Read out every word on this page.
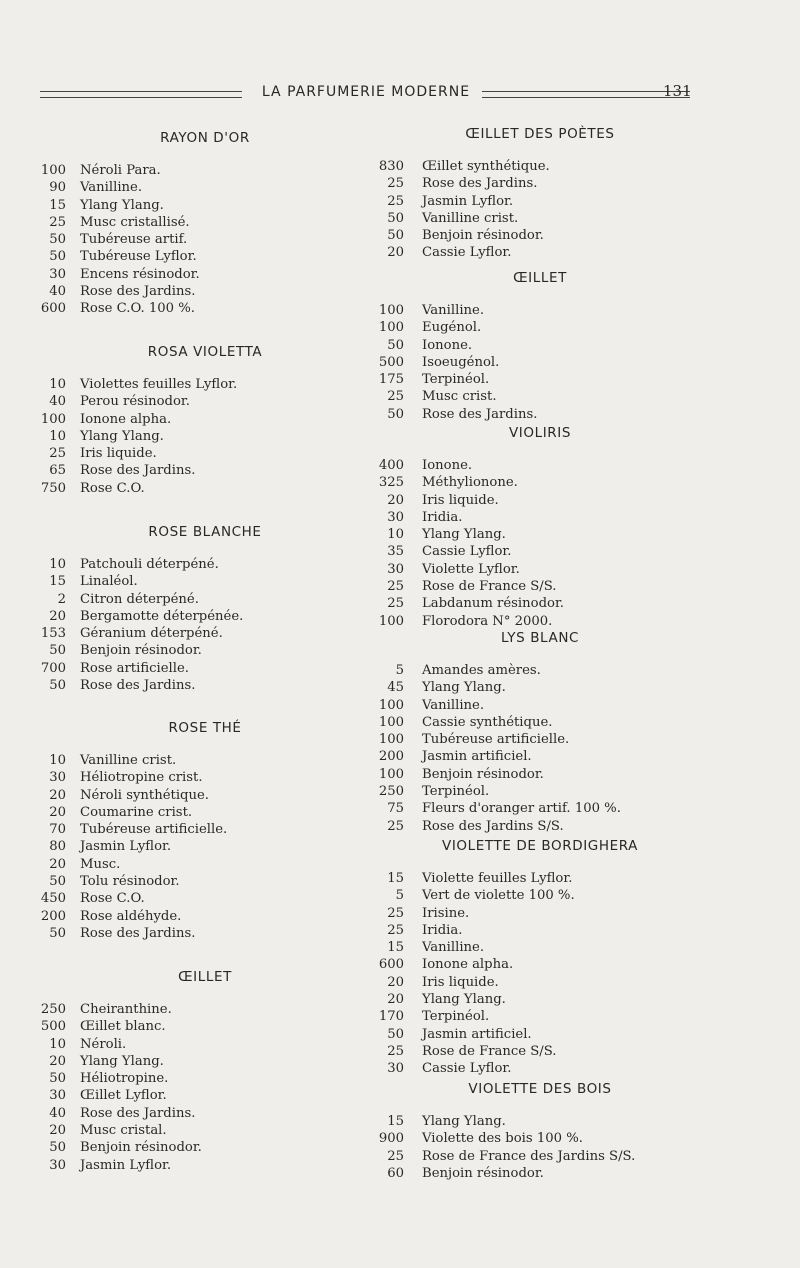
LA PARFUMERIE MODERNE	131
RAYON D'OR
100 Néroli Para.
90 Vanilline.
15 Ylang Ylang.
25 Musc cristallisé.
50 Tubéreuse artif.
50 Tubéreuse Lyflor.
30 Encens résinodor.
40 Rose des Jardins.
600 Rose C.O. 100 %.
ROSA VIOLETTA
10 Violettes feuilles Lyflor.
40 Perou résinodor.
100 Ionone alpha.
10 Ylang Ylang.
25 Iris liquide.
65 Rose des Jardins.
750 Rose C.O.
ROSE BLANCHE
10 Patchouli déterpéné.
15 Linaléol.
2 Citron déterpéné.
20 Bergamotte déterpénée.
153 Géranium déterpéné.
50 Benjoin résinodor.
700 Rose artificielle.
50 Rose des Jardins.
ROSE THÉ
10 Vanilline crist.
30 Héliotropine crist.
20 Néroli synthétique.
20 Coumarine crist.
70 Tubéreuse artificielle.
80 Jasmin Lyflor.
20 Musc.
50 Tolu résinodor.
450 Rose C.O.
200 Rose aldéhyde.
50 Rose des Jardins.
ŒILLET
250 Cheiranthine.
500 Œillet blanc.
10 Néroli.
20 Ylang Ylang.
50 Héliotropine.
30 Œillet Lyflor.
40 Rose des Jardins.
20 Musc cristal.
50 Benjoin résinodor.
30 Jasmin Lyflor.
ŒILLET DES POÈTES
830 Œillet synthétique.
25 Rose des Jardins.
25 Jasmin Lyflor.
50 Vanilline crist.
50 Benjoin résinodor.
20 Cassie Lyflor.
ŒILLET
100 Vanilline.
100 Eugénol.
50 Ionone.
500 Isoeugénol.
175 Terpinéol.
25 Musc crist.
50 Rose des Jardins.
VIOLIRIS
400 Ionone.
325 Méthylionone.
20 Iris liquide.
30 Iridia.
10 Ylang Ylang.
35 Cassie Lyflor.
30 Violette Lyflor.
25 Rose de France S/S.
25 Labdanum résinodor.
100 Florodora N° 2000.
LYS BLANC
5 Amandes amères.
45 Ylang Ylang.
100 Vanilline.
100 Cassie synthétique.
100 Tubéreuse artificielle.
200 Jasmin artificiel.
100 Benjoin résinodor.
250 Terpinéol.
75 Fleurs d'oranger artif. 100 %.
25 Rose des Jardins S/S.
VIOLETTE DE BORDIGHERA
15 Violette feuilles Lyflor.
5 Vert de violette 100 %.
25 Irisine.
25 Iridia.
15 Vanilline.
600 Ionone alpha.
20 Iris liquide.
20 Ylang Ylang.
170 Terpinéol.
50 Jasmin artificiel.
25 Rose de France S/S.
30 Cassie Lyflor.
VIOLETTE DES BOIS
15 Ylang Ylang.
900 Violette des bois 100 %.
25 Rose de France des Jardins S/S.
60 Benjoin résinodor.
